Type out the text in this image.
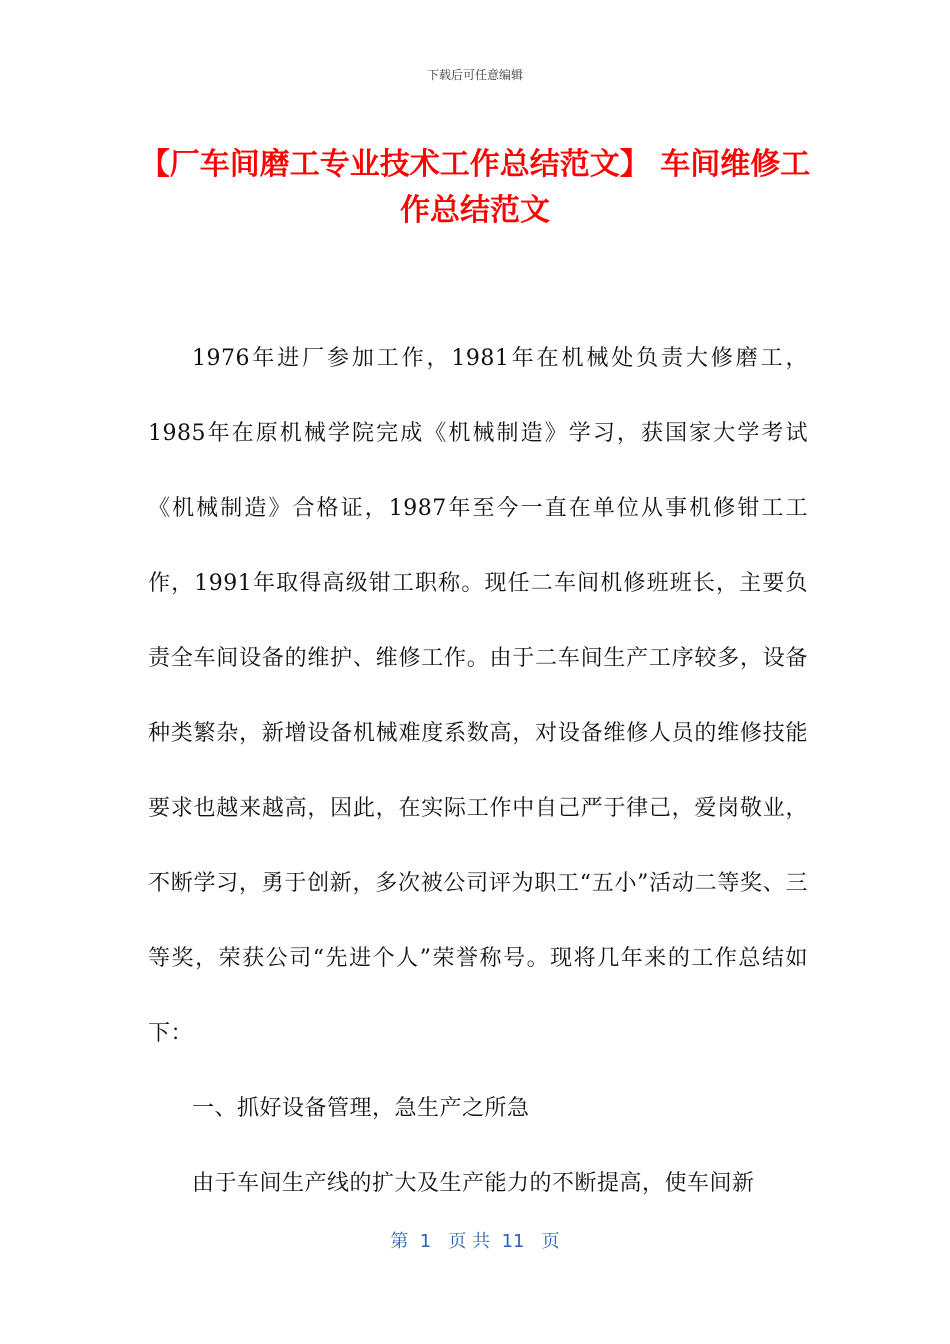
下载后可任意编辑
【厂车间磨工专业技术工作总结范文】 车间维修工作总结范文

1976年进厂参加工作，1981年在机械处负责大修磨工，1985年在原机械学院完成《机械制造》学习，获国家大学考试《机械制造》合格证，1987年至今一直在单位从事机修钳工工作，1991年取得高级钳工职称。现任二车间机修班班长，主要负责全车间设备的维护、维修工作。由于二车间生产工序较多，设备种类繁杂，新增设备机械难度系数高，对设备维修人员的维修技能要求也越来越高，因此，在实际工作中自己严于律己，爱岗敬业，不断学习，勇于创新，多次被公司评为职工“五小”活动二等奖、三等奖，荣获公司“先进个人”荣誉称号。现将几年来的工作总结如下：

一、抓好设备管理，急生产之所急

由于车间生产线的扩大及生产能力的不断提高，使车间新

第  1   页 共  11   页
